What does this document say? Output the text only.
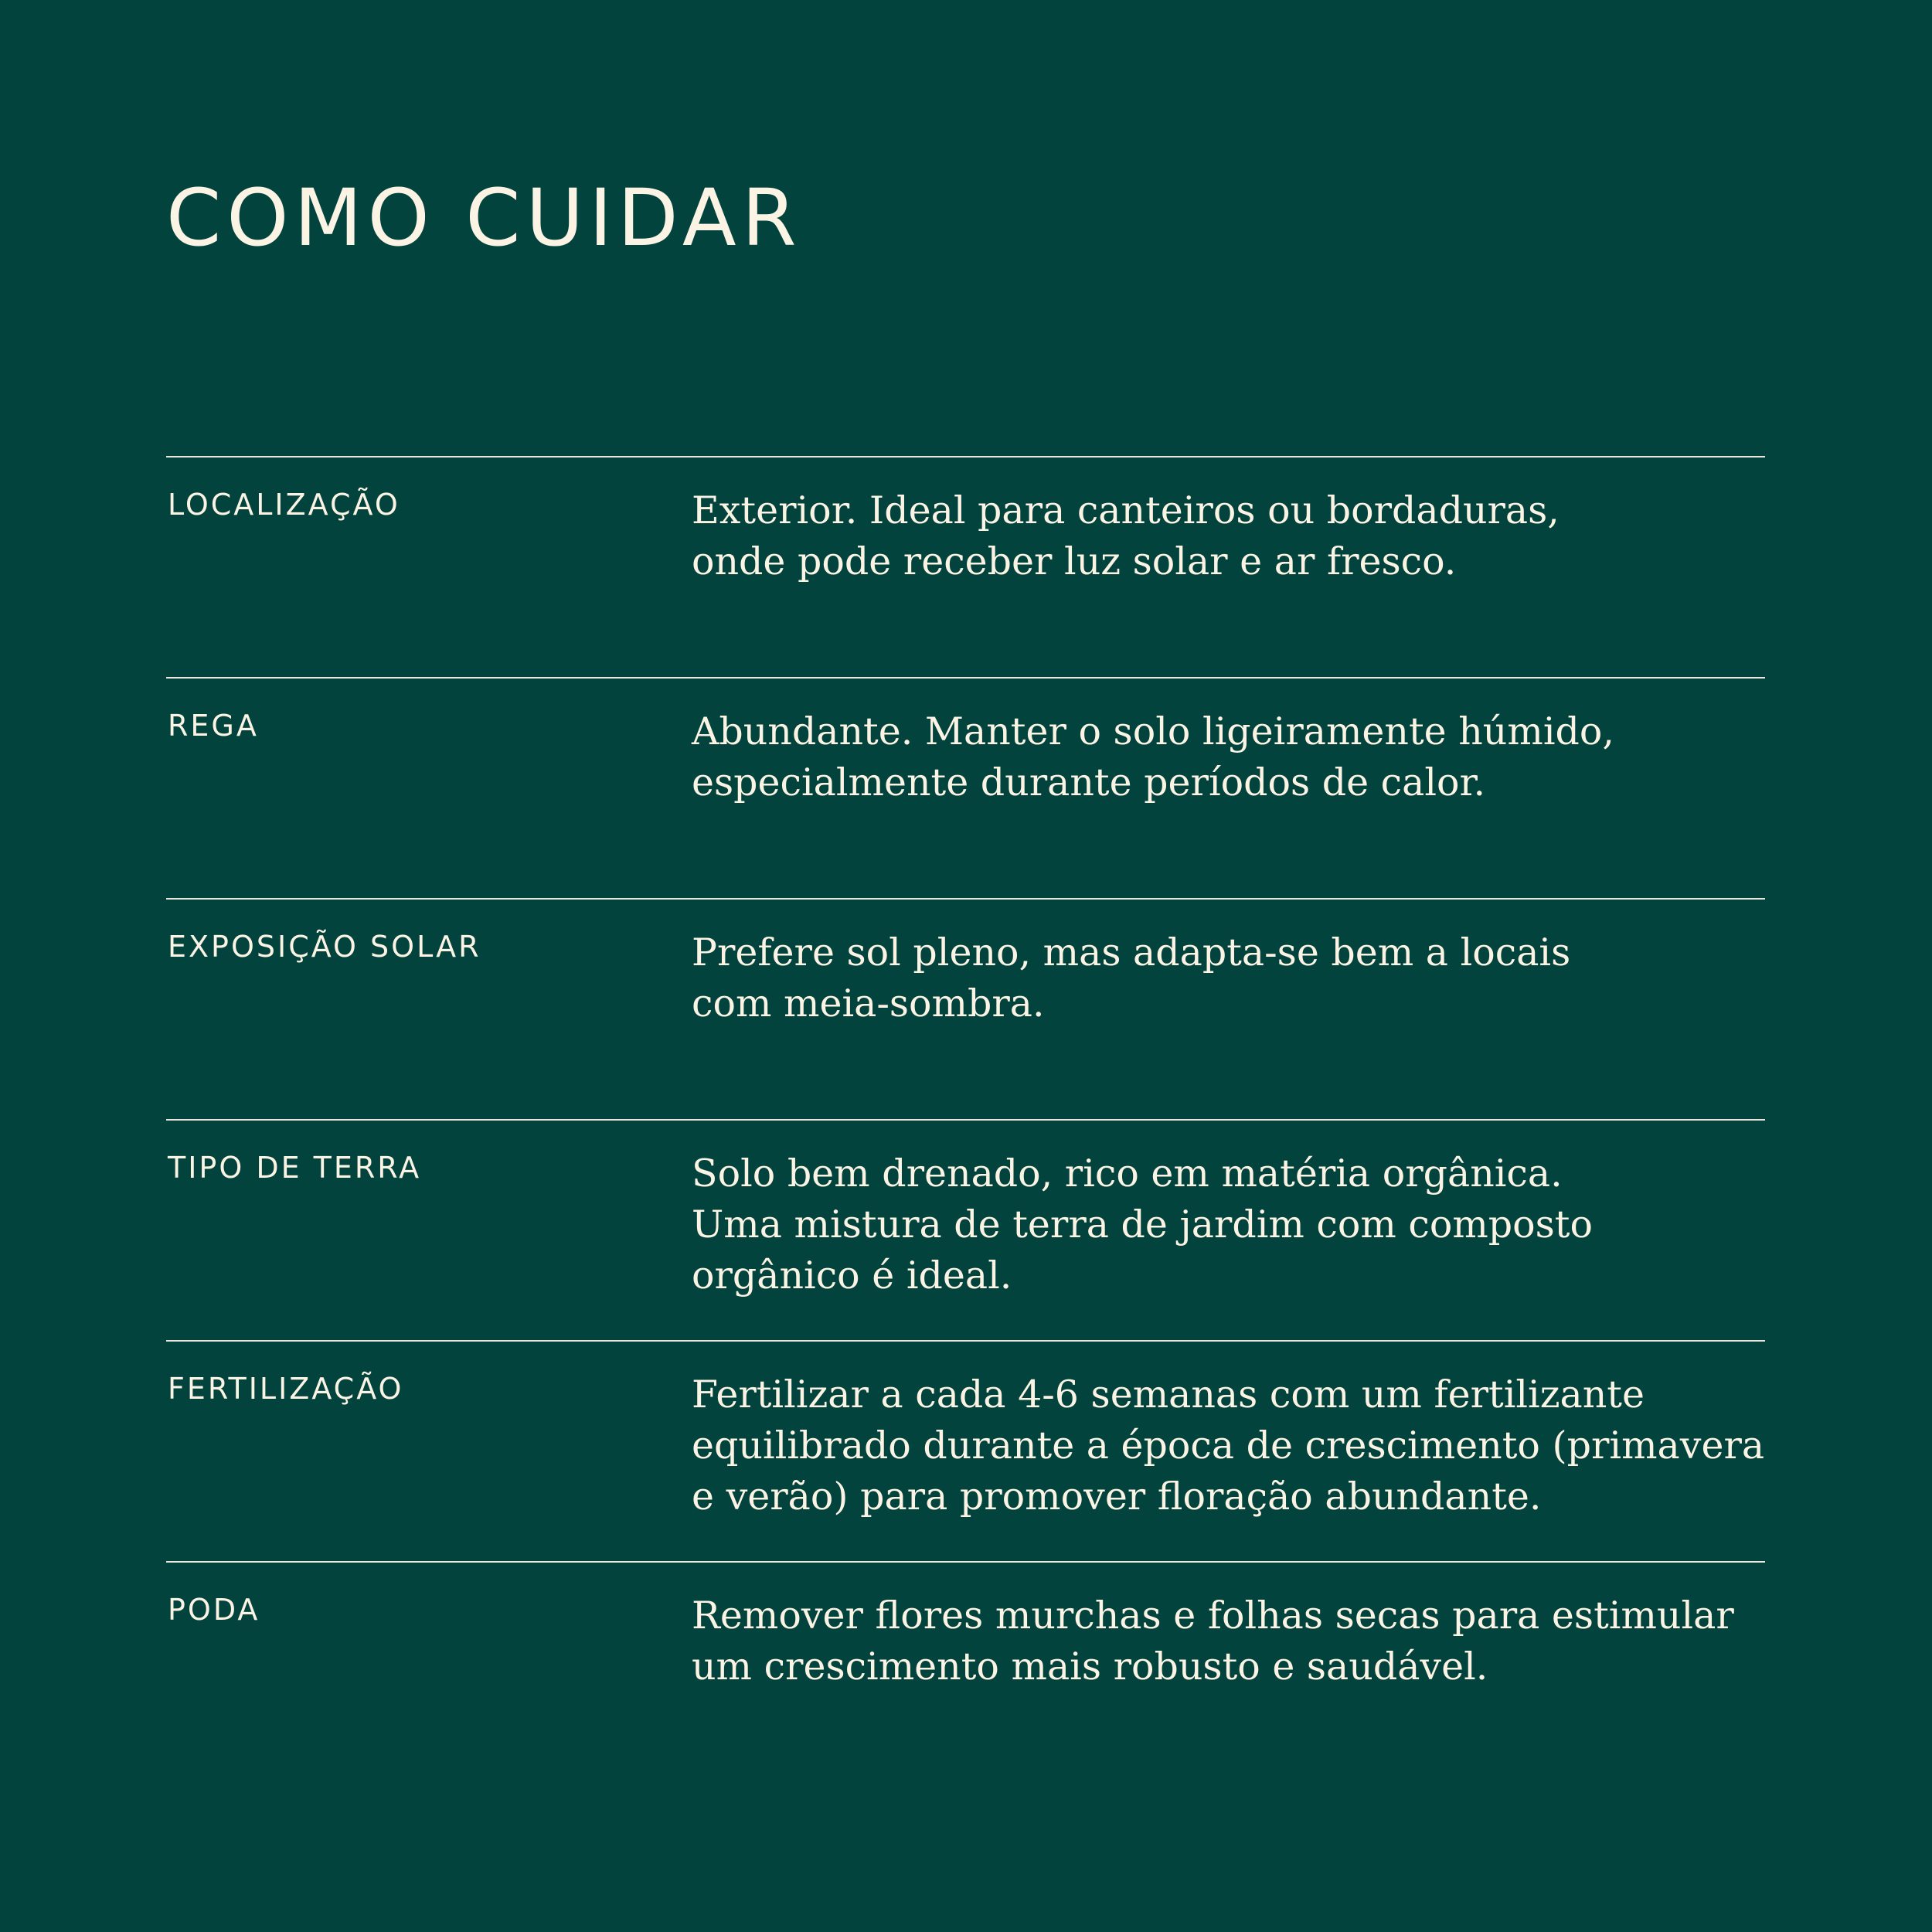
COMO CUIDAR
LOCALIZAÇÃO	Exterior. Ideal para canteiros ou bordaduras,
onde pode receber luz solar e ar fresco.

REGA	Abundante. Manter o solo ligeiramente húmido,
especialmente durante períodos de calor.

EXPOSIÇÃO SOLAR	Prefere sol pleno, mas adapta-se bem a locais
com meia-sombra.

TIPO DE TERRA	Solo bem drenado, rico em matéria orgânica.
Uma mistura de terra de jardim com composto
orgânico é ideal.

FERTILIZAÇÃO	Fertilizar a cada 4-6 semanas com um fertilizante
equilibrado durante a época de crescimento (primavera
e verão) para promover floração abundante.

PODA	Remover flores murchas e folhas secas para estimular
um crescimento mais robusto e saudável.
